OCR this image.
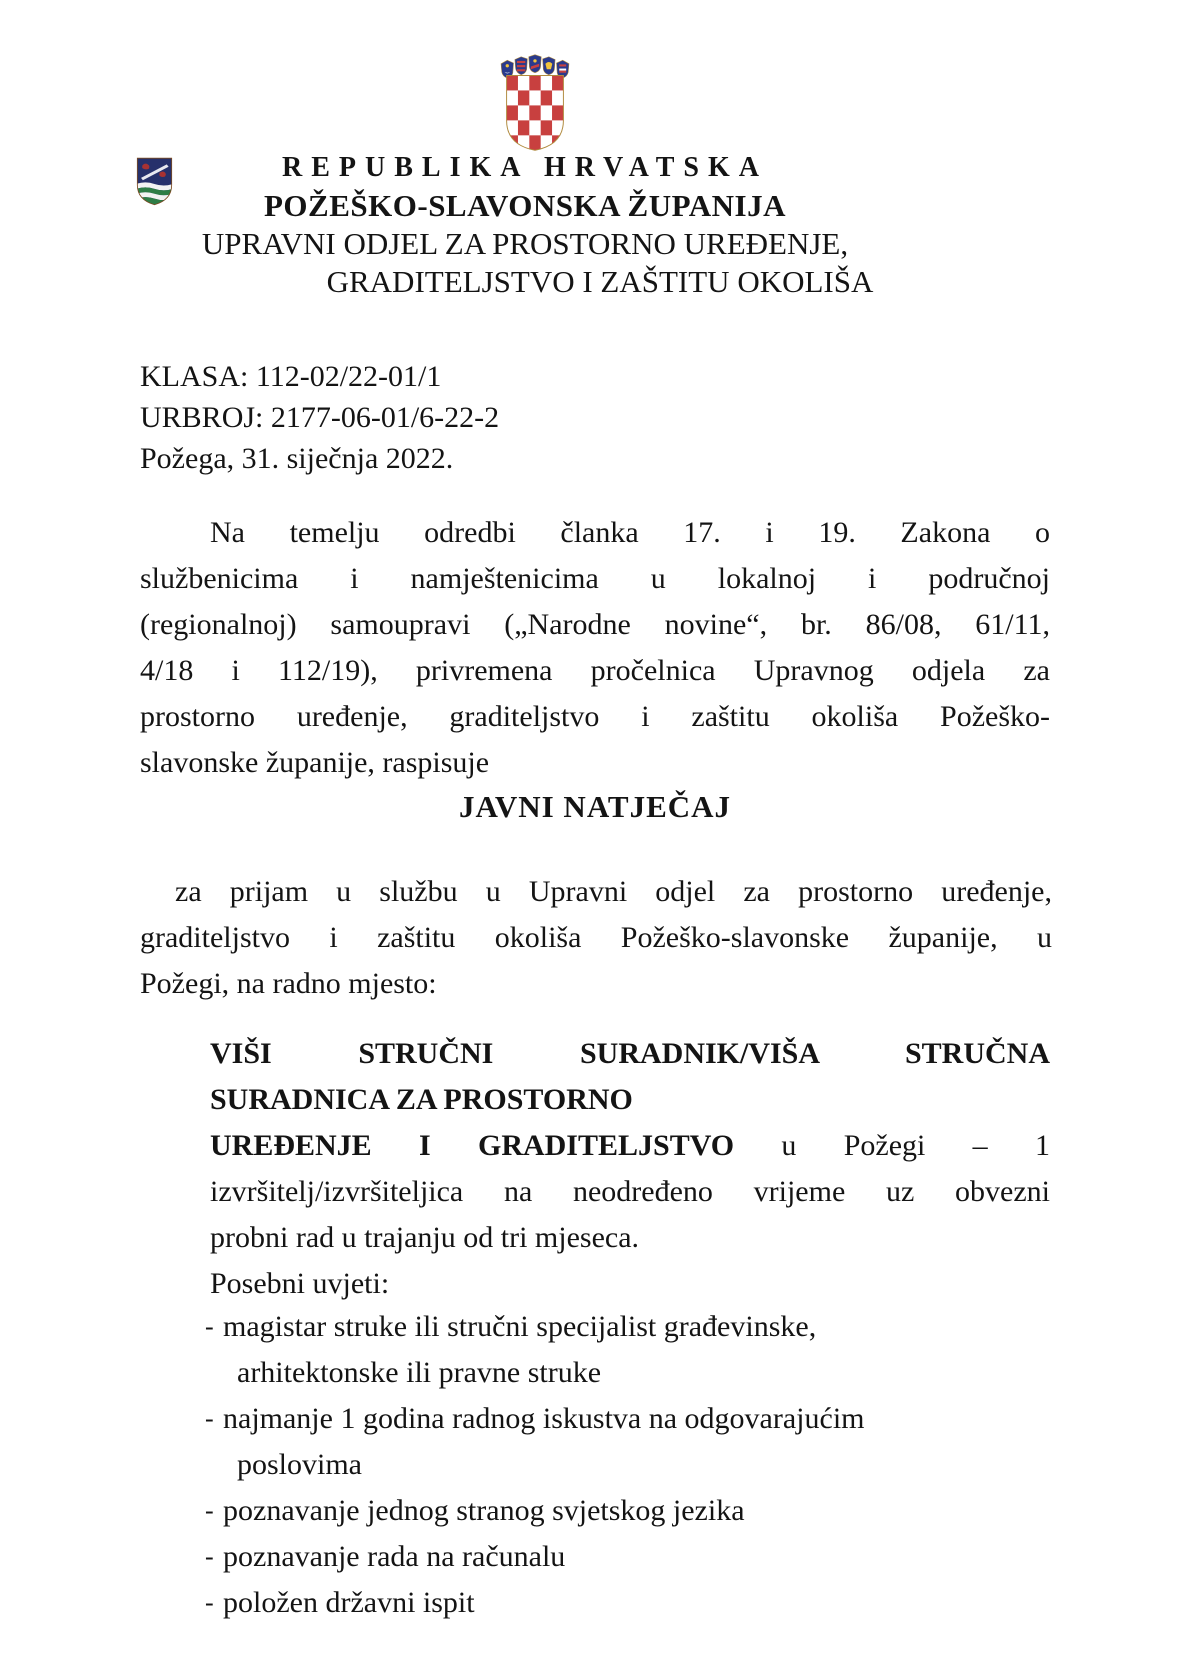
REPUBLIKA HRVATSKA
POŽEŠKO-SLAVONSKA ŽUPANIJA
UPRAVNI ODJEL ZA PROSTORNO UREĐENJE,
GRADITELJSTVO I ZAŠTITU OKOLIŠA
KLASA: 112-02/22-01/1
URBROJ: 2177-06-01/6-22-2
Požega, 31. siječnja 2022.
Na temelju odredbi članka 17. i 19. Zakona o
službenicima i namještenicima u lokalnoj i područnoj
(regionalnoj) samoupravi („Narodne novine“, br. 86/08, 61/11,
4/18 i 112/19), privremena pročelnica Upravnog odjela za
prostorno uređenje, graditeljstvo i zaštitu okoliša Požeško-
slavonske županije, raspisuje
JAVNI NATJEČAJ
za prijam u službu u Upravni odjel za prostorno uređenje,
graditeljstvo i zaštitu okoliša Požeško-slavonske županije, u
Požegi, na radno mjesto:
VIŠI STRUČNI SURADNIK/VIŠA STRUČNA
SURADNICA ZA PROSTORNO
UREĐENJE I GRADITELJSTVO u Požegi – 1
izvršitelj/izvršiteljica na neodređeno vrijeme uz obvezni
probni rad u trajanju od tri mjeseca.
Posebni uvjeti:
- magistar struke ili stručni specijalist građevinske,
arhitektonske ili pravne struke
- najmanje 1 godina radnog iskustva na odgovarajućim
poslovima
- poznavanje jednog stranog svjetskog jezika
- poznavanje rada na računalu
- položen državni ispit
